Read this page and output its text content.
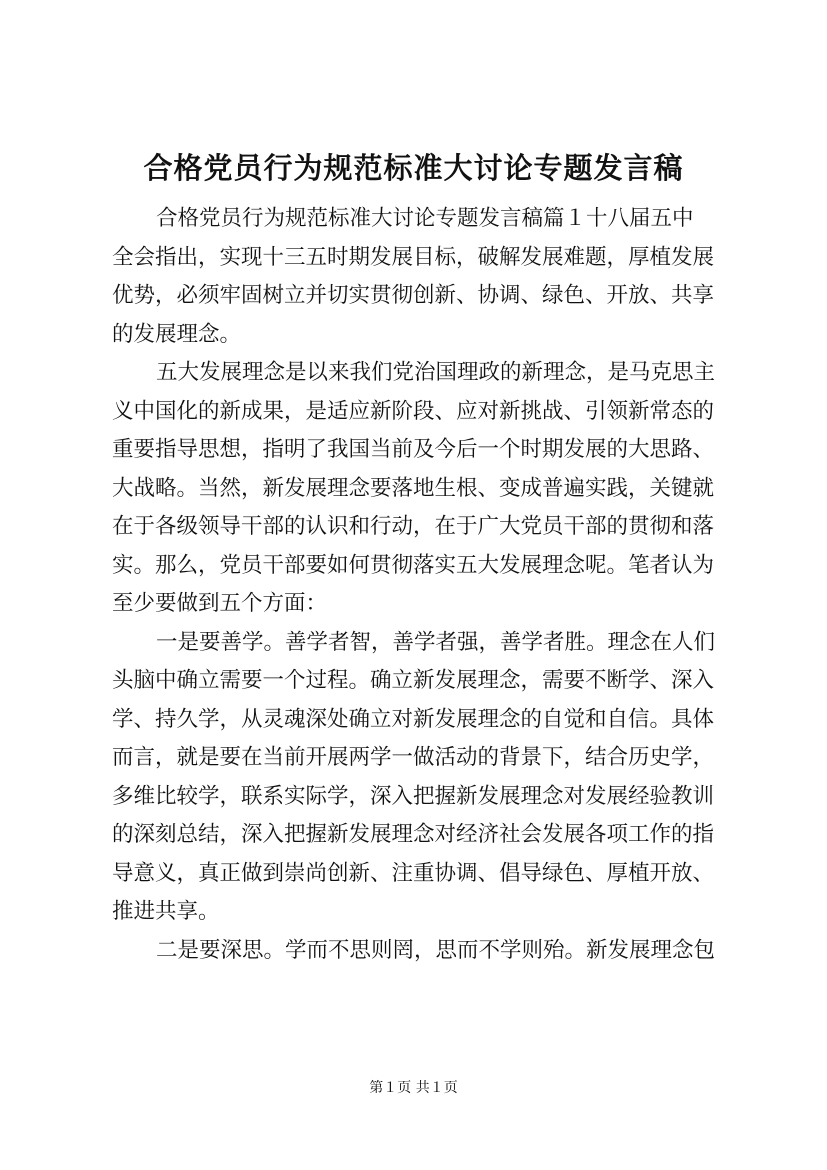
合格党员行为规范标准大讨论专题发言稿
合格党员行为规范标准大讨论专题发言稿篇１十八届五中
全会指出，实现十三五时期发展目标，破解发展难题，厚植发展
优势，必须牢固树立并切实贯彻创新、协调、绿色、开放、共享
的发展理念。
五大发展理念是以来我们党治国理政的新理念，是马克思主
义中国化的新成果，是适应新阶段、应对新挑战、引领新常态的
重要指导思想，指明了我国当前及今后一个时期发展的大思路、
大战略。当然，新发展理念要落地生根、变成普遍实践，关键就
在于各级领导干部的认识和行动，在于广大党员干部的贯彻和落
实。那么，党员干部要如何贯彻落实五大发展理念呢。笔者认为
至少要做到五个方面：
一是要善学。善学者智，善学者强，善学者胜。理念在人们
头脑中确立需要一个过程。确立新发展理念，需要不断学、深入
学、持久学，从灵魂深处确立对新发展理念的自觉和自信。具体
而言，就是要在当前开展两学一做活动的背景下，结合历史学，
多维比较学，联系实际学，深入把握新发展理念对发展经验教训
的深刻总结，深入把握新发展理念对经济社会发展各项工作的指
导意义，真正做到崇尚创新、注重协调、倡导绿色、厚植开放、
推进共享。
二是要深思。学而不思则罔，思而不学则殆。新发展理念包
第１页 共１页
